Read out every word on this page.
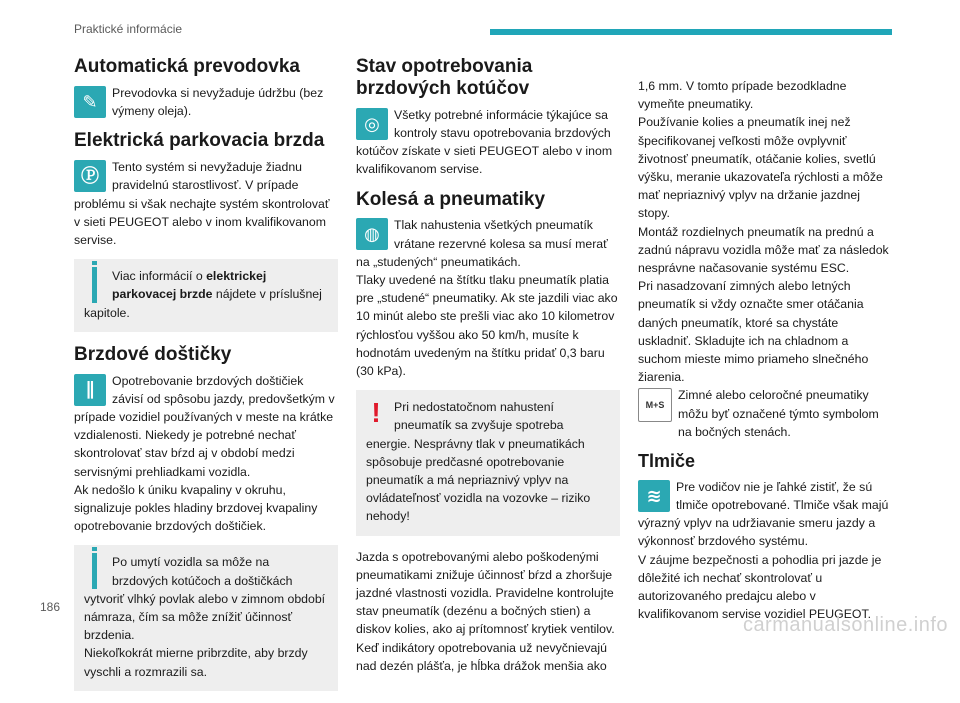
Praktické informácie
Automatická prevodovka
✎	Prevodovka si nevyžaduje údržbu (bez výmeny oleja).

Elektrická parkovacia brzda
Ⓟ	Tento systém si nevyžaduje žiadnu pravidelnú starostlivosť. V prípade problému si však nechajte systém skontrolovať v sieti PEUGEOT alebo v inom kvalifikovanom servise.

Viac informácií o elektrickej parkovacej brzde nájdete v príslušnej kapitole.

Brzdové doštičky
∥	Opotrebovanie brzdových doštičiek závisí od spôsobu jazdy, predovšetkým v prípade vozidiel používaných v meste na krátke vzdialenosti. Niekedy je potrebné nechať skontrolovať stav bŕzd aj v období medzi servisnými prehliadkami vozidla.

Ak nedošlo k úniku kvapaliny v okruhu, signalizuje pokles hladiny brzdovej kvapaliny opotrebovanie brzdových doštičiek.

Po umytí vozidla sa môže na brzdových kotúčoch a doštičkách vytvoriť vlhký povlak alebo v zimnom období námraza, čím sa môže znížiť účinnosť brzdenia.

Niekoľkokrát mierne pribrzdite, aby brzdy vyschli a rozmrazili sa.

Stav opotrebovania brzdových kotúčov
◎	Všetky potrebné informácie týkajúce sa kontroly stavu opotrebovania brzdových kotúčov získate v sieti PEUGEOT alebo v inom kvalifikovanom servise.

Kolesá a pneumatiky
◍	Tlak nahustenia všetkých pneumatík vrátane rezervné kolesa sa musí merať na „studených“ pneumatikách.

Tlaky uvedené na štítku tlaku pneumatík platia pre „studené“ pneumatiky. Ak ste jazdili viac ako 10 minút alebo ste prešli viac ako 10 kilometrov rýchlosťou vyššou ako 50 km/h, musíte k hodnotám uvedeným na štítku pridať 0,3 baru (30 kPa).

!	Pri nedostatočnom nahustení pneumatík sa zvyšuje spotreba energie. Nesprávny tlak v pneumatikách spôsobuje predčasné opotrebovanie pneumatík a má nepriaznivý vplyv na ovládateľnosť vozidla na vozovke – riziko nehody!

Jazda s opotrebovanými alebo poškodenými pneumatikami znižuje účinnosť bŕzd a zhoršuje jazdné vlastnosti vozidla. Pravidelne kontrolujte stav pneumatík (dezénu a bočných stien) a diskov kolies, ako aj prítomnosť krytiek ventilov.

Keď indikátory opotrebovania už nevyčnievajú nad dezén plášťa, je hĺbka drážok menšia ako

1,6 mm. V tomto prípade bezodkladne vymeňte pneumatiky.

Používanie kolies a pneumatík inej než špecifikovanej veľkosti môže ovplyvniť životnosť pneumatík, otáčanie kolies, svetlú výšku, meranie ukazovateľa rýchlosti a môže mať nepriaznivý vplyv na držanie jazdnej stopy.

Montáž rozdielnych pneumatík na prednú a zadnú nápravu vozidla môže mať za následok nesprávne načasovanie systému ESC.

Pri nasadzovaní zimných alebo letných pneumatík si vždy označte smer otáčania daných pneumatík, ktoré sa chystáte uskladniť. Skladujte ich na chladnom a suchom mieste mimo priameho slnečného žiarenia.

M+S

Zimné alebo celoročné pneumatiky môžu byť označené týmto symbolom na bočných stenách.

Tlmiče
≋	Pre vodičov nie je ľahké zistiť, že sú tlmiče opotrebované. Tlmiče však majú výrazný vplyv na udržiavanie smeru jazdy a výkonnosť brzdového systému.

V záujme bezpečnosti a pohodlia pri jazde je dôležité ich nechať skontrolovať u autorizovaného predajcu alebo v kvalifikovanom servise vozidiel PEUGEOT.

186
carmanualsonline.info
